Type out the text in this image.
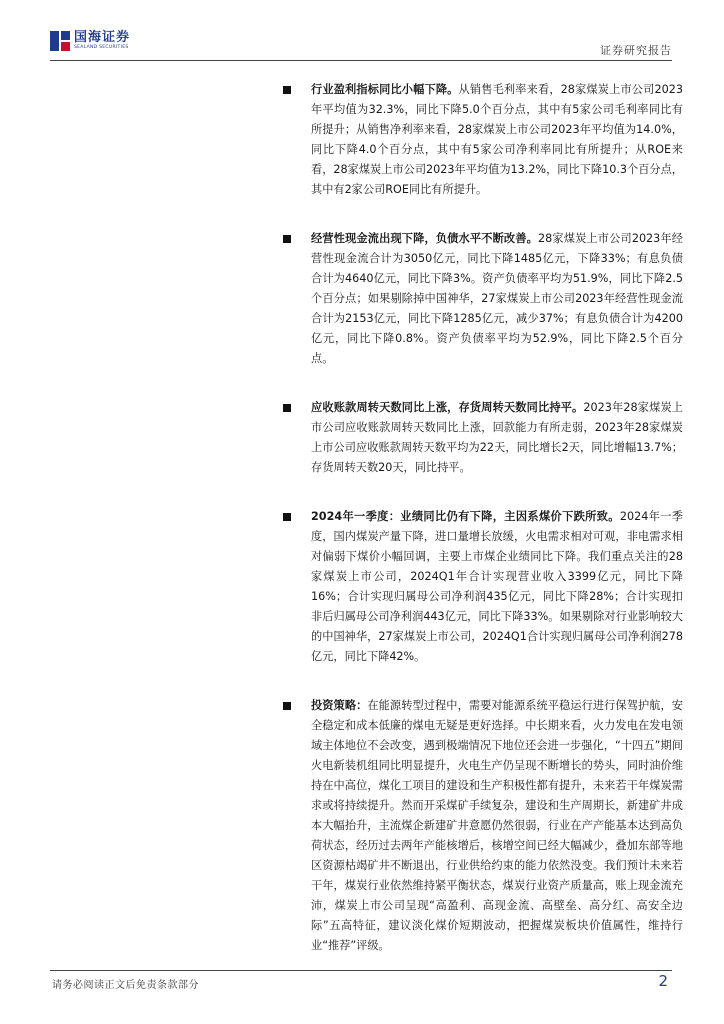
国海证券
SEALAND SECURITIES	证券研究报告
行业盈利指标同比小幅下降。从销售毛利率来看，28家煤炭上市公司2023年平均值为32.3%，同比下降5.0个百分点，其中有5家公司毛利率同比有所提升；从销售净利率来看，28家煤炭上市公司2023年平均值为14.0%，同比下降4.0个百分点，其中有5家公司净利率同比有所提升；从ROE来看，28家煤炭上市公司2023年平均值为13.2%，同比下降10.3个百分点，其中有2家公司ROE同比有所提升。
经营性现金流出现下降，负债水平不断改善。28家煤炭上市公司2023年经营性现金流合计为3050亿元，同比下降1485亿元，下降33%；有息负债合计为4640亿元，同比下降3%。资产负债率平均为51.9%，同比下降2.5个百分点；如果剔除掉中国神华，27家煤炭上市公司2023年经营性现金流合计为2153亿元，同比下降1285亿元，减少37%；有息负债合计为4200亿元，同比下降0.8%。资产负债率平均为52.9%，同比下降2.5个百分点。
应收账款周转天数同比上涨，存货周转天数同比持平。2023年28家煤炭上市公司应收账款周转天数同比上涨，回款能力有所走弱，2023年28家煤炭上市公司应收账款周转天数平均为22天，同比增长2天，同比增幅13.7%；存货周转天数20天，同比持平。
2024年一季度：业绩同比仍有下降，主因系煤价下跌所致。2024年一季度，国内煤炭产量下降，进口量增长放缓，火电需求相对可观，非电需求相对偏弱下煤价小幅回调，主要上市煤企业绩同比下降。我们重点关注的28家煤炭上市公司，2024Q1年合计实现营业收入3399亿元，同比下降16%；合计实现归属母公司净利润435亿元，同比下降28%；合计实现扣非后归属母公司净利润443亿元，同比下降33%。如果剔除对行业影响较大的中国神华，27家煤炭上市公司，2024Q1合计实现归属母公司净利润278亿元，同比下降42%。
投资策略：在能源转型过程中，需要对能源系统平稳运行进行保驾护航，安全稳定和成本低廉的煤电无疑是更好选择。中长期来看，火力发电在发电领域主体地位不会改变，遇到极端情况下地位还会进一步强化，“十四五”期间火电新装机组同比明显提升，火电生产仍呈现不断增长的势头，同时油价维持在中高位，煤化工项目的建设和生产积极性都有提升，未来若干年煤炭需求或将持续提升。然而开采煤矿手续复杂，建设和生产周期长，新建矿井成本大幅抬升，主流煤企新建矿井意愿仍然很弱，行业在产产能基本达到高负荷状态，经历过去两年产能核增后，核增空间已经大幅减少，叠加东部等地区资源枯竭矿井不断退出，行业供给约束的能力依然没变。我们预计未来若干年，煤炭行业依然维持紧平衡状态，煤炭行业资产质量高，账上现金流充沛，煤炭上市公司呈现“高盈利、高现金流、高壁垒、高分红、高安全边际”五高特征，建议淡化煤价短期波动，把握煤炭板块价值属性，维持行业“推荐”评级。
请务必阅读正文后免责条款部分	2
